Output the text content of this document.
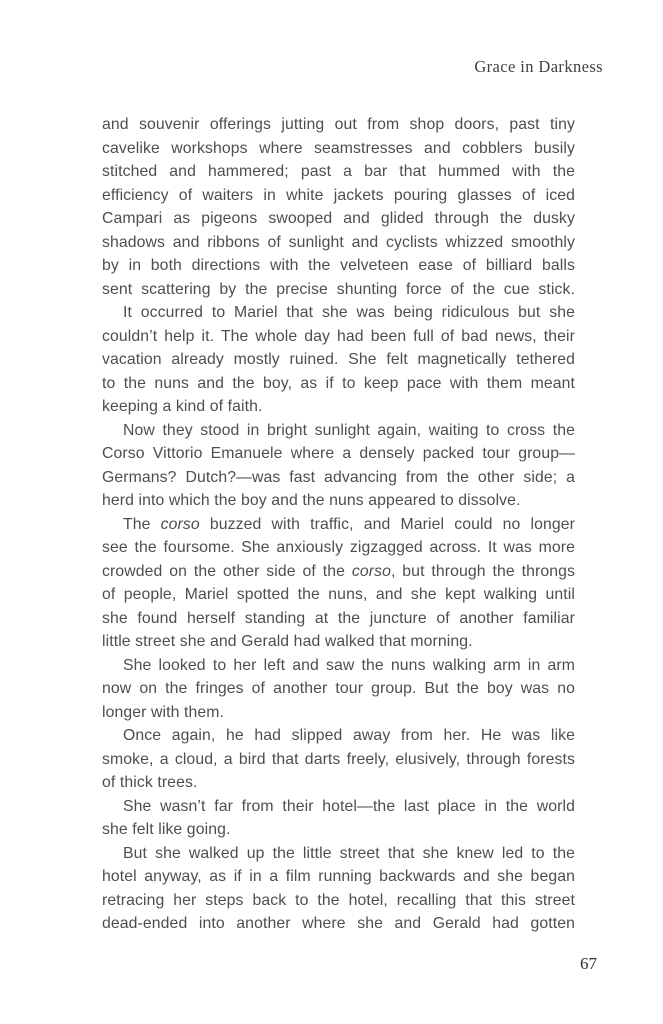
Grace in Darkness
and souvenir offerings jutting out from shop doors, past tiny
cavelike workshops where seamstresses and cobblers busily
stitched and hammered; past a bar that hummed with the
efficiency of waiters in white jackets pouring glasses of iced
Campari as pigeons swooped and glided through the dusky
shadows and ribbons of sunlight and cyclists whizzed smoothly
by in both directions with the velveteen ease of billiard balls
sent scattering by the precise shunting force of the cue stick.
It occurred to Mariel that she was being ridiculous but she
couldn’t help it. The whole day had been full of bad news, their
vacation already mostly ruined. She felt magnetically tethered
to the nuns and the boy, as if to keep pace with them meant
keeping a kind of faith.
Now they stood in bright sunlight again, waiting to cross the
Corso Vittorio Emanuele where a densely packed tour group—
Germans? Dutch?—was fast advancing from the other side; a
herd into which the boy and the nuns appeared to dissolve.
The corso buzzed with traffic, and Mariel could no longer
see the foursome. She anxiously zigzagged across. It was more
crowded on the other side of the corso, but through the throngs
of people, Mariel spotted the nuns, and she kept walking until
she found herself standing at the juncture of another familiar
little street she and Gerald had walked that morning.
She looked to her left and saw the nuns walking arm in arm
now on the fringes of another tour group. But the boy was no
longer with them.
Once again, he had slipped away from her. He was like
smoke, a cloud, a bird that darts freely, elusively, through forests
of thick trees.
She wasn’t far from their hotel—the last place in the world
she felt like going.
But she walked up the little street that she knew led to the
hotel anyway, as if in a film running backwards and she began
retracing her steps back to the hotel, recalling that this street
dead-ended into another where she and Gerald had gotten
67
